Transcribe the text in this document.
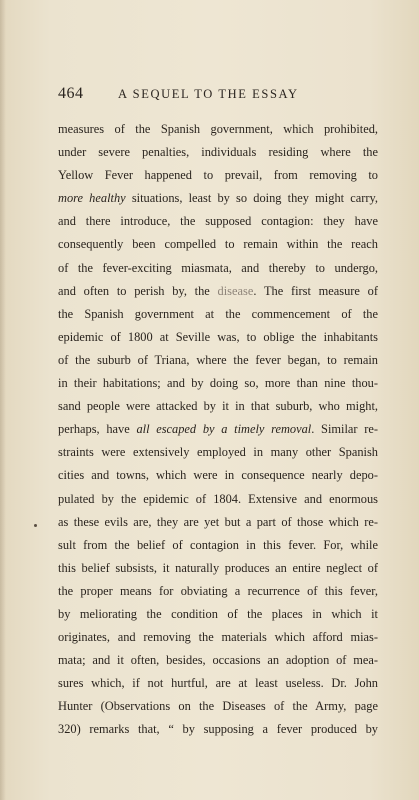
464	A SEQUEL TO THE ESSAY
measures of the Spanish government, which prohibited,
under severe penalties, individuals residing where the
Yellow Fever happened to prevail, from removing to
more healthy situations, least by so doing they might carry,
and there introduce, the supposed contagion: they have
consequently been compelled to remain within the reach
of the fever-exciting miasmata, and thereby to undergo,
and often to perish by, the disease. The first measure of
the Spanish government at the commencement of the
epidemic of 1800 at Seville was, to oblige the inhabitants
of the suburb of Triana, where the fever began, to remain
in their habitations; and by doing so, more than nine thou-
sand people were attacked by it in that suburb, who might,
perhaps, have all escaped by a timely removal. Similar re-
straints were extensively employed in many other Spanish
cities and towns, which were in consequence nearly depo-
pulated by the epidemic of 1804. Extensive and enormous
as these evils are, they are yet but a part of those which re-
sult from the belief of contagion in this fever. For, while
this belief subsists, it naturally produces an entire neglect of
the proper means for obviating a recurrence of this fever,
by meliorating the condition of the places in which it
originates, and removing the materials which afford mias-
mata; and it often, besides, occasions an adoption of mea-
sures which, if not hurtful, are at least useless. Dr. John
Hunter (Observations on the Diseases of the Army, page
320) remarks that, “ by supposing a fever produced by
